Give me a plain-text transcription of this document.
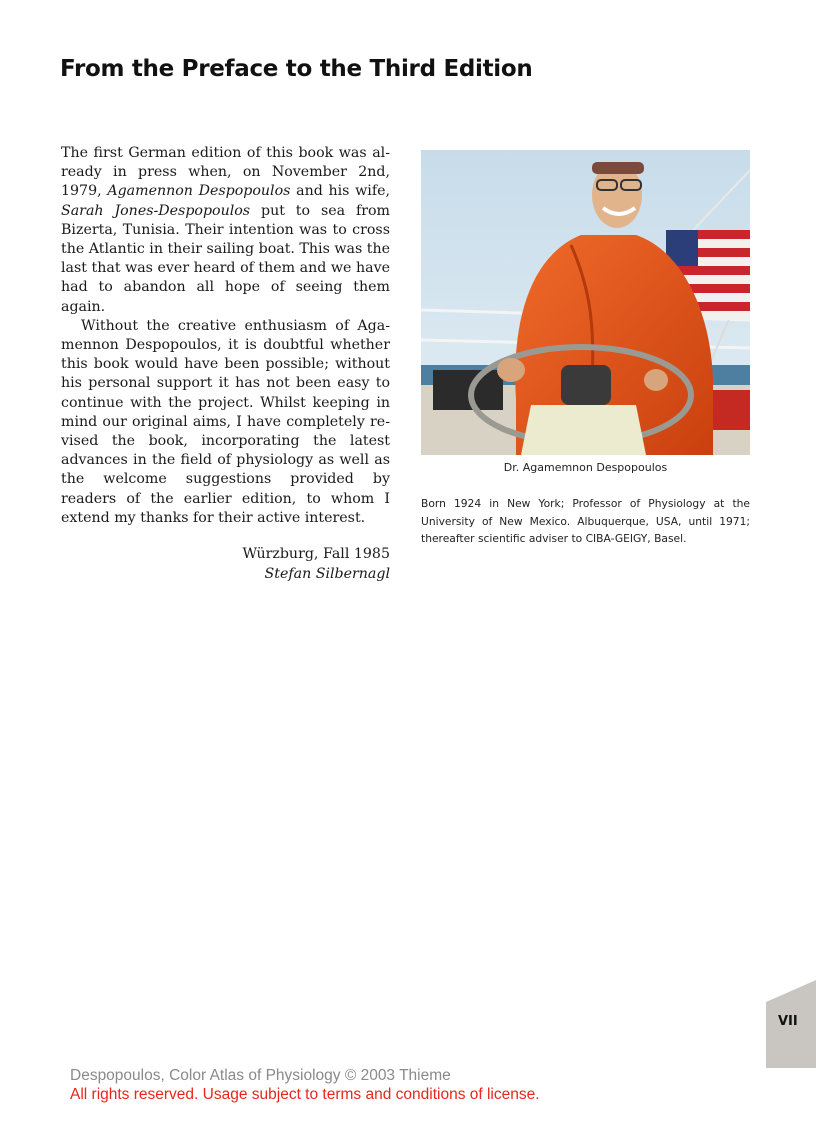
From the Preface to the Third Edition

The first German edition of this book was already in press when, on November 2nd, 1979, Agamennon Despopoulos and his wife, Sarah Jones-Despopoulos put to sea from Bizerta, Tunisia. Their intention was to cross the Atlantic in their sailing boat. This was the last that was ever heard of them and we have had to abandon all hope of seeing them again.

Without the creative enthusiasm of Agamennon Despopoulos, it is doubtful whether this book would have been possible; without his personal support it has not been easy to continue with the project. Whilst keeping in mind our original aims, I have completely revised the book, incorporating the latest advances in the field of physiology as well as the welcome suggestions provided by readers of the earlier edition, to whom I extend my thanks for their active interest.

Würzburg, Fall 1985
Stefan Silbernagl
Dr. Agamemnon Despopoulos

Born 1924 in New York; Professor of Physiology at the University of New Mexico. Albuquerque, USA, until 1971; thereafter scientific adviser to CIBA-GEIGY, Basel.

VII
Despopoulos, Color Atlas of Physiology © 2003 Thieme
All rights reserved. Usage subject to terms and conditions of license.
